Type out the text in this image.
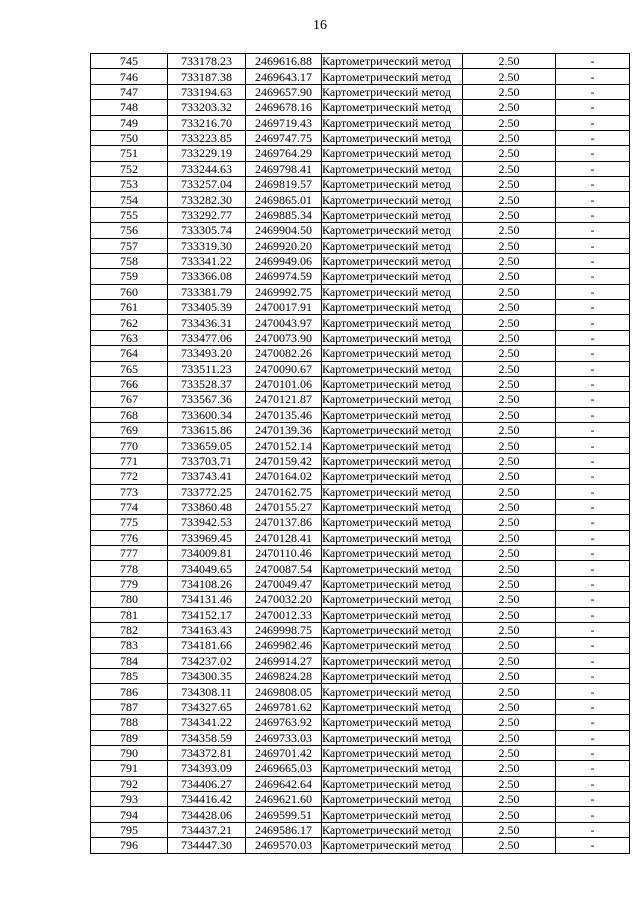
16
745	733178.23	2469616.88	Картометрический метод	2.50	-
746	733187.38	2469643.17	Картометрический метод	2.50	-
747	733194.63	2469657.90	Картометрический метод	2.50	-
748	733203.32	2469678.16	Картометрический метод	2.50	-
749	733216.70	2469719.43	Картометрический метод	2.50	-
750	733223.85	2469747.75	Картометрический метод	2.50	-
751	733229.19	2469764.29	Картометрический метод	2.50	-
752	733244.63	2469798.41	Картометрический метод	2.50	-
753	733257.04	2469819.57	Картометрический метод	2.50	-
754	733282.30	2469865.01	Картометрический метод	2.50	-
755	733292.77	2469885.34	Картометрический метод	2.50	-
756	733305.74	2469904.50	Картометрический метод	2.50	-
757	733319.30	2469920.20	Картометрический метод	2.50	-
758	733341.22	2469949.06	Картометрический метод	2.50	-
759	733366.08	2469974.59	Картометрический метод	2.50	-
760	733381.79	2469992.75	Картометрический метод	2.50	-
761	733405.39	2470017.91	Картометрический метод	2.50	-
762	733436.31	2470043.97	Картометрический метод	2.50	-
763	733477.06	2470073.90	Картометрический метод	2.50	-
764	733493.20	2470082.26	Картометрический метод	2.50	-
765	733511.23	2470090.67	Картометрический метод	2.50	-
766	733528.37	2470101.06	Картометрический метод	2.50	-
767	733567.36	2470121.87	Картометрический метод	2.50	-
768	733600.34	2470135.46	Картометрический метод	2.50	-
769	733615.86	2470139.36	Картометрический метод	2.50	-
770	733659.05	2470152.14	Картометрический метод	2.50	-
771	733703.71	2470159.42	Картометрический метод	2.50	-
772	733743.41	2470164.02	Картометрический метод	2.50	-
773	733772.25	2470162.75	Картометрический метод	2.50	-
774	733860.48	2470155.27	Картометрический метод	2.50	-
775	733942.53	2470137.86	Картометрический метод	2.50	-
776	733969.45	2470128.41	Картометрический метод	2.50	-
777	734009.81	2470110.46	Картометрический метод	2.50	-
778	734049.65	2470087.54	Картометрический метод	2.50	-
779	734108.26	2470049.47	Картометрический метод	2.50	-
780	734131.46	2470032.20	Картометрический метод	2.50	-
781	734152.17	2470012.33	Картометрический метод	2.50	-
782	734163.43	2469998.75	Картометрический метод	2.50	-
783	734181.66	2469982.46	Картометрический метод	2.50	-
784	734237.02	2469914.27	Картометрический метод	2.50	-
785	734300.35	2469824.28	Картометрический метод	2.50	-
786	734308.11	2469808.05	Картометрический метод	2.50	-
787	734327.65	2469781.62	Картометрический метод	2.50	-
788	734341.22	2469763.92	Картометрический метод	2.50	-
789	734358.59	2469733.03	Картометрический метод	2.50	-
790	734372.81	2469701.42	Картометрический метод	2.50	-
791	734393.09	2469665.03	Картометрический метод	2.50	-
792	734406.27	2469642.64	Картометрический метод	2.50	-
793	734416.42	2469621.60	Картометрический метод	2.50	-
794	734428.06	2469599.51	Картометрический метод	2.50	-
795	734437.21	2469586.17	Картометрический метод	2.50	-
796	734447.30	2469570.03	Картометрический метод	2.50	-
